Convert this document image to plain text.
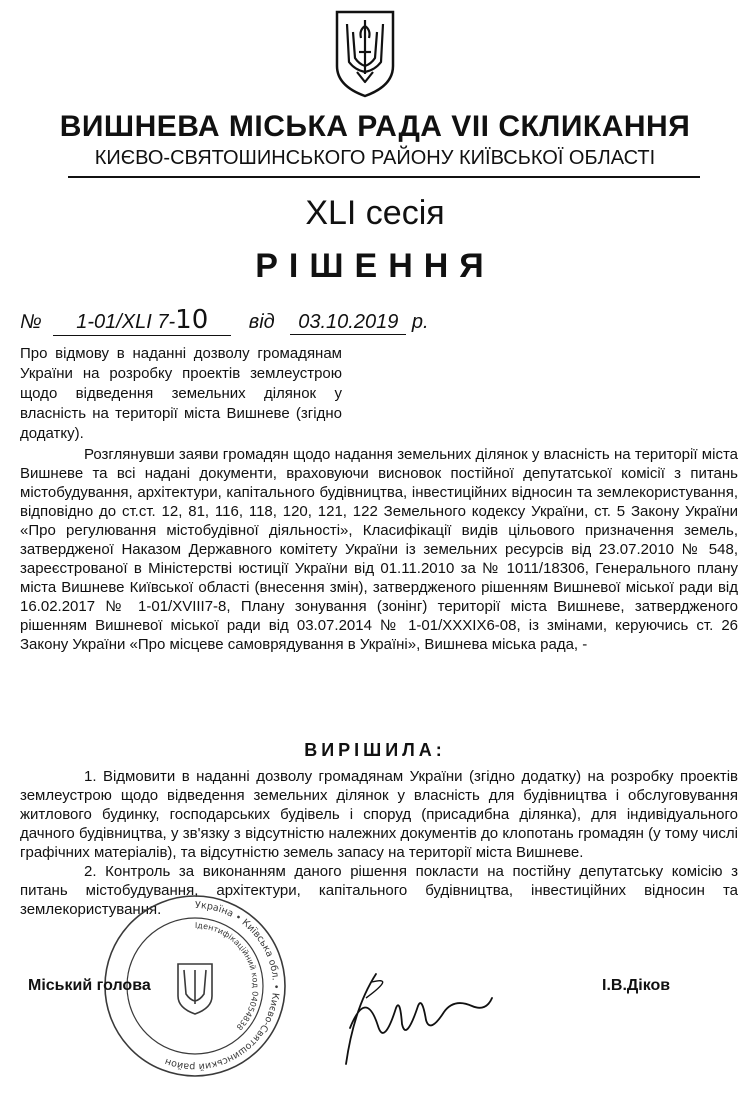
ВИШНЕВА МІСЬКА РАДА VII СКЛИКАННЯ
КИЄВО-СВЯТОШИНСЬКОГО РАЙОНУ КИЇВСЬКОЇ ОБЛАСТІ
XLI сесія
РІШЕННЯ
№ 1-01/XLI 7-10 від 03.10.2019 р.
Про відмову в наданні дозволу громадянам України на розробку проектів землеустрою щодо відведення земельних ділянок у власність на території міста Вишневе (згідно додатку).

Розглянувши заяви громадян щодо надання земельних ділянок у власність на території міста Вишневе та всі надані документи, враховуючи висновок постійної депутатської комісії з питань містобудування, архітектури, капітального будівництва, інвестиційних відносин та землекористування, відповідно до ст.ст. 12, 81, 116, 118, 120, 121, 122 Земельного кодексу України, ст. 5 Закону України «Про регулювання містобудівної діяльності», Класифікації видів цільового призначення земель, затвердженої Наказом Державного комітету України із земельних ресурсів від 23.07.2010 № 548, зареєстрованої в Міністерстві юстиції України від 01.11.2010 за № 1011/18306, Генерального плану міста Вишневе Київської області (внесення змін), затвердженого рішенням Вишневої міської ради від 16.02.2017 № 1-01/XVIII7-8, Плану зонування (зонінг) території міста Вишневе, затвердженого рішенням Вишневої міської ради від 03.07.2014 № 1-01/XXXIX6-08, із змінами, керуючись ст. 26 Закону України «Про місцеве самоврядування в Україні», Вишнева міська рада, -

ВИРІШИЛА:

1. Відмовити в наданні дозволу громадянам України (згідно додатку) на розробку проектів землеустрою щодо відведення земельних ділянок у власність для будівництва і обслуговування житлового будинку, господарських будівель і споруд (присадибна ділянка), для індивідуального дачного будівництва, у зв'язку з відсутністю належних документів до клопотань громадян (у тому числі графічних матеріалів), та відсутністю земель запасу на території міста Вишневе.

2. Контроль за виконанням даного рішення покласти на постійну депутатську комісію з питань містобудування, архітектури, капітального будівництва, інвестиційних відносин та землекористування.	Україна • Київська обл. • Києво-Святошинський район
Ідентифікаційний код 04054838
Міський голова	І.В.Діков
